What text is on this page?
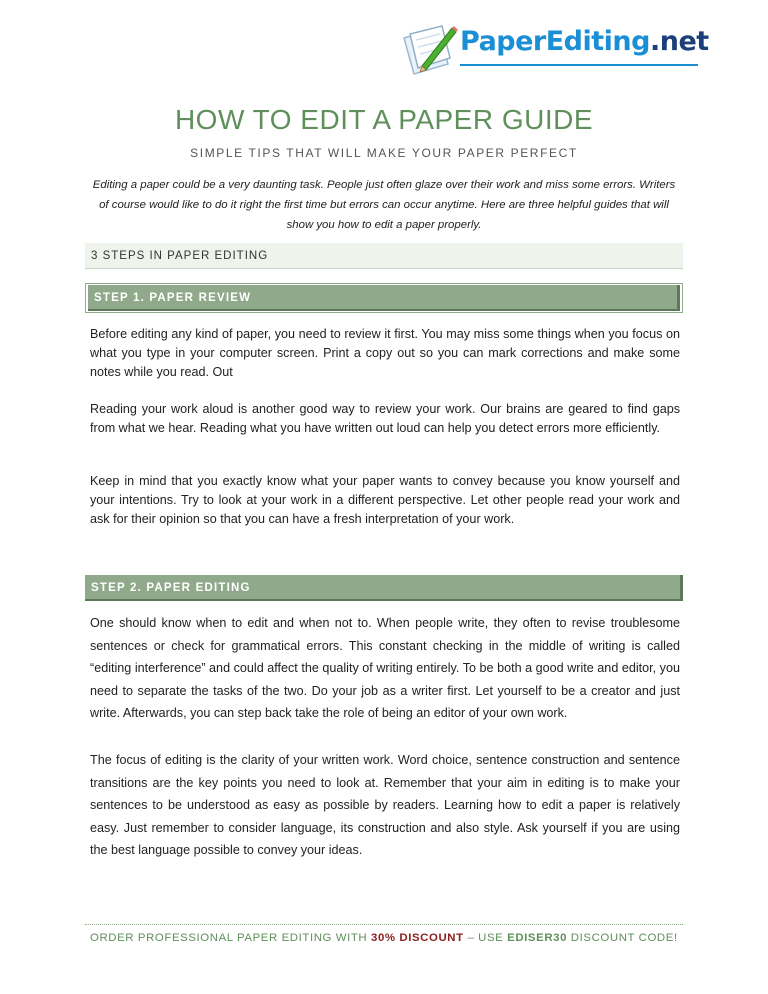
PaperEditing.net
HOW TO EDIT A PAPER GUIDE
SIMPLE TIPS THAT WILL MAKE YOUR PAPER PERFECT
Editing a paper could be a very daunting task. People just often glaze over their work and miss some errors. Writers of course would like to do it right the first time but errors can occur anytime. Here are three helpful guides that will show you how to edit a paper properly.
3 STEPS IN PAPER EDITING
STEP 1. PAPER REVIEW
Before editing any kind of paper, you need to review it first. You may miss some things when you focus on what you type in your computer screen. Print a copy out so you can mark corrections and make some notes while you read. Out
Reading your work aloud is another good way to review your work. Our brains are geared to find gaps from what we hear. Reading what you have written out loud can help you detect errors more efficiently.
Keep in mind that you exactly know what your paper wants to convey because you know yourself and your intentions. Try to look at your work in a different perspective. Let other people read your work and ask for their opinion so that you can have a fresh interpretation of your work.
STEP 2. PAPER EDITING
One should know when to edit and when not to. When people write, they often to revise troublesome sentences or check for grammatical errors. This constant checking in the middle of writing is called “editing interference” and could affect the quality of writing entirely. To be both a good write and editor, you need to separate the tasks of the two. Do your job as a writer first. Let yourself to be a creator and just write. Afterwards, you can step back take the role of being an editor of your own work.
The focus of editing is the clarity of your written work. Word choice, sentence construction and sentence transitions are the key points you need to look at. Remember that your aim in editing is to make your sentences to be understood as easy as possible by readers. Learning how to edit a paper is relatively easy. Just remember to consider language, its construction and also style. Ask yourself if you are using the best language possible to convey your ideas.
ORDER PROFESSIONAL PAPER EDITING WITH 30% DISCOUNT – USE EDISER30 DISCOUNT CODE!
